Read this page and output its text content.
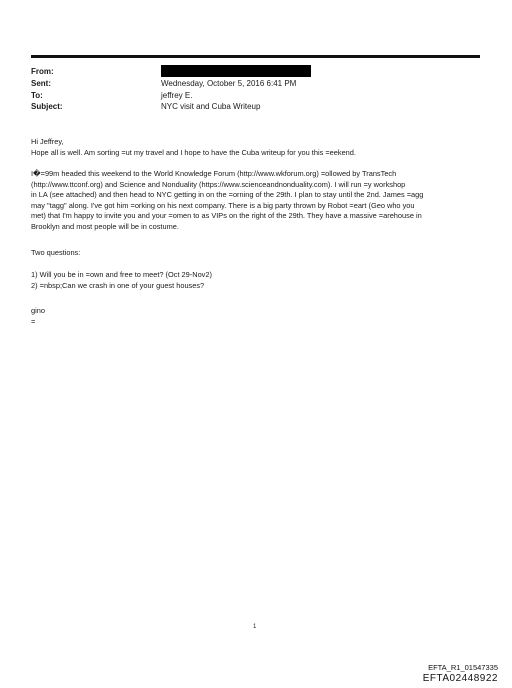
From:
Sent:	Wednesday, October 5, 2016 6:41 PM
To:	jeffrey E.
Subject:	NYC visit and Cuba Writeup

Hi Jeffrey,

Hope all is well. Am sorting =ut my travel and I hope to have the Cuba writeup for you this =eekend.

I�=99m headed this weekend to the World Knowledge Forum (http://www.wkforum.org) =ollowed by TransTech

(http://www.ttconf.org) and Science and Nonduality (https://www.scienceandnonduality.com). I will run =y workshop

in LA (see attached) and then head to NYC getting in on the =orning of the 29th. I plan to stay until the 2nd. James =agg

may "tagg" along. I've got him =orking on his next company. There is a big party thrown by Robot =eart (Geo who you

met) that I'm happy to invite you and your =omen to as VIPs on the right of the 29th. They have a massive =arehouse in

Brooklyn and most people will be in costume.

Two questions:

1) Will you be in =own and free to meet? (Oct 29-Nov2)

2) =nbsp;Can we crash in one of your guest houses?

gino

=

1
EFTA_R1_01547335
EFTA02448922
